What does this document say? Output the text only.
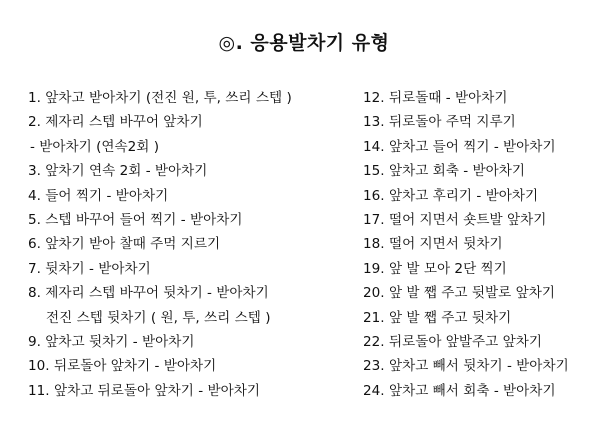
◎. 응용발차기 유형
1. 앞차고 받아차기 (전진 원, 투, 쓰리 스텝 )
2. 제자리 스텝 바꾸어 앞차기
- 받아차기 (연속2회 )
3. 앞차기 연속 2회 - 받아차기
4. 들어 찍기 - 받아차기
5. 스텝 바꾸어 들어 찍기 - 받아차기
6. 앞차기 받아 찰때 주먹 지르기
7. 뒷차기 - 받아차기
8. 제자리 스텝 바꾸어 뒷차기 - 받아차기
전진 스텝 뒷차기 ( 원, 투, 쓰리 스텝 )
9. 앞차고 뒷차기 - 받아차기
10. 뒤로돌아 앞차기 - 받아차기
11. 앞차고 뒤로돌아 앞차기 - 받아차기
12. 뒤로돌때 - 받아차기
13. 뒤로돌아 주먹 지루기
14. 앞차고 들어 찍기 - 받아차기
15. 앞차고 회축 - 받아차기
16. 앞차고 후리기 - 받아차기
17. 떨어 지면서 숏트발 앞차기
18. 떨어 지면서 뒷차기
19. 앞 발 모아 2단 찍기
20. 앞 발 쨉 주고 뒷발로 앞차기
21. 앞 발 쨉 주고 뒷차기
22. 뒤로돌아 앞발주고 앞차기
23. 앞차고 빼서 뒷차기 - 받아차기
24. 앞차고 빼서 회축 - 받아차기
